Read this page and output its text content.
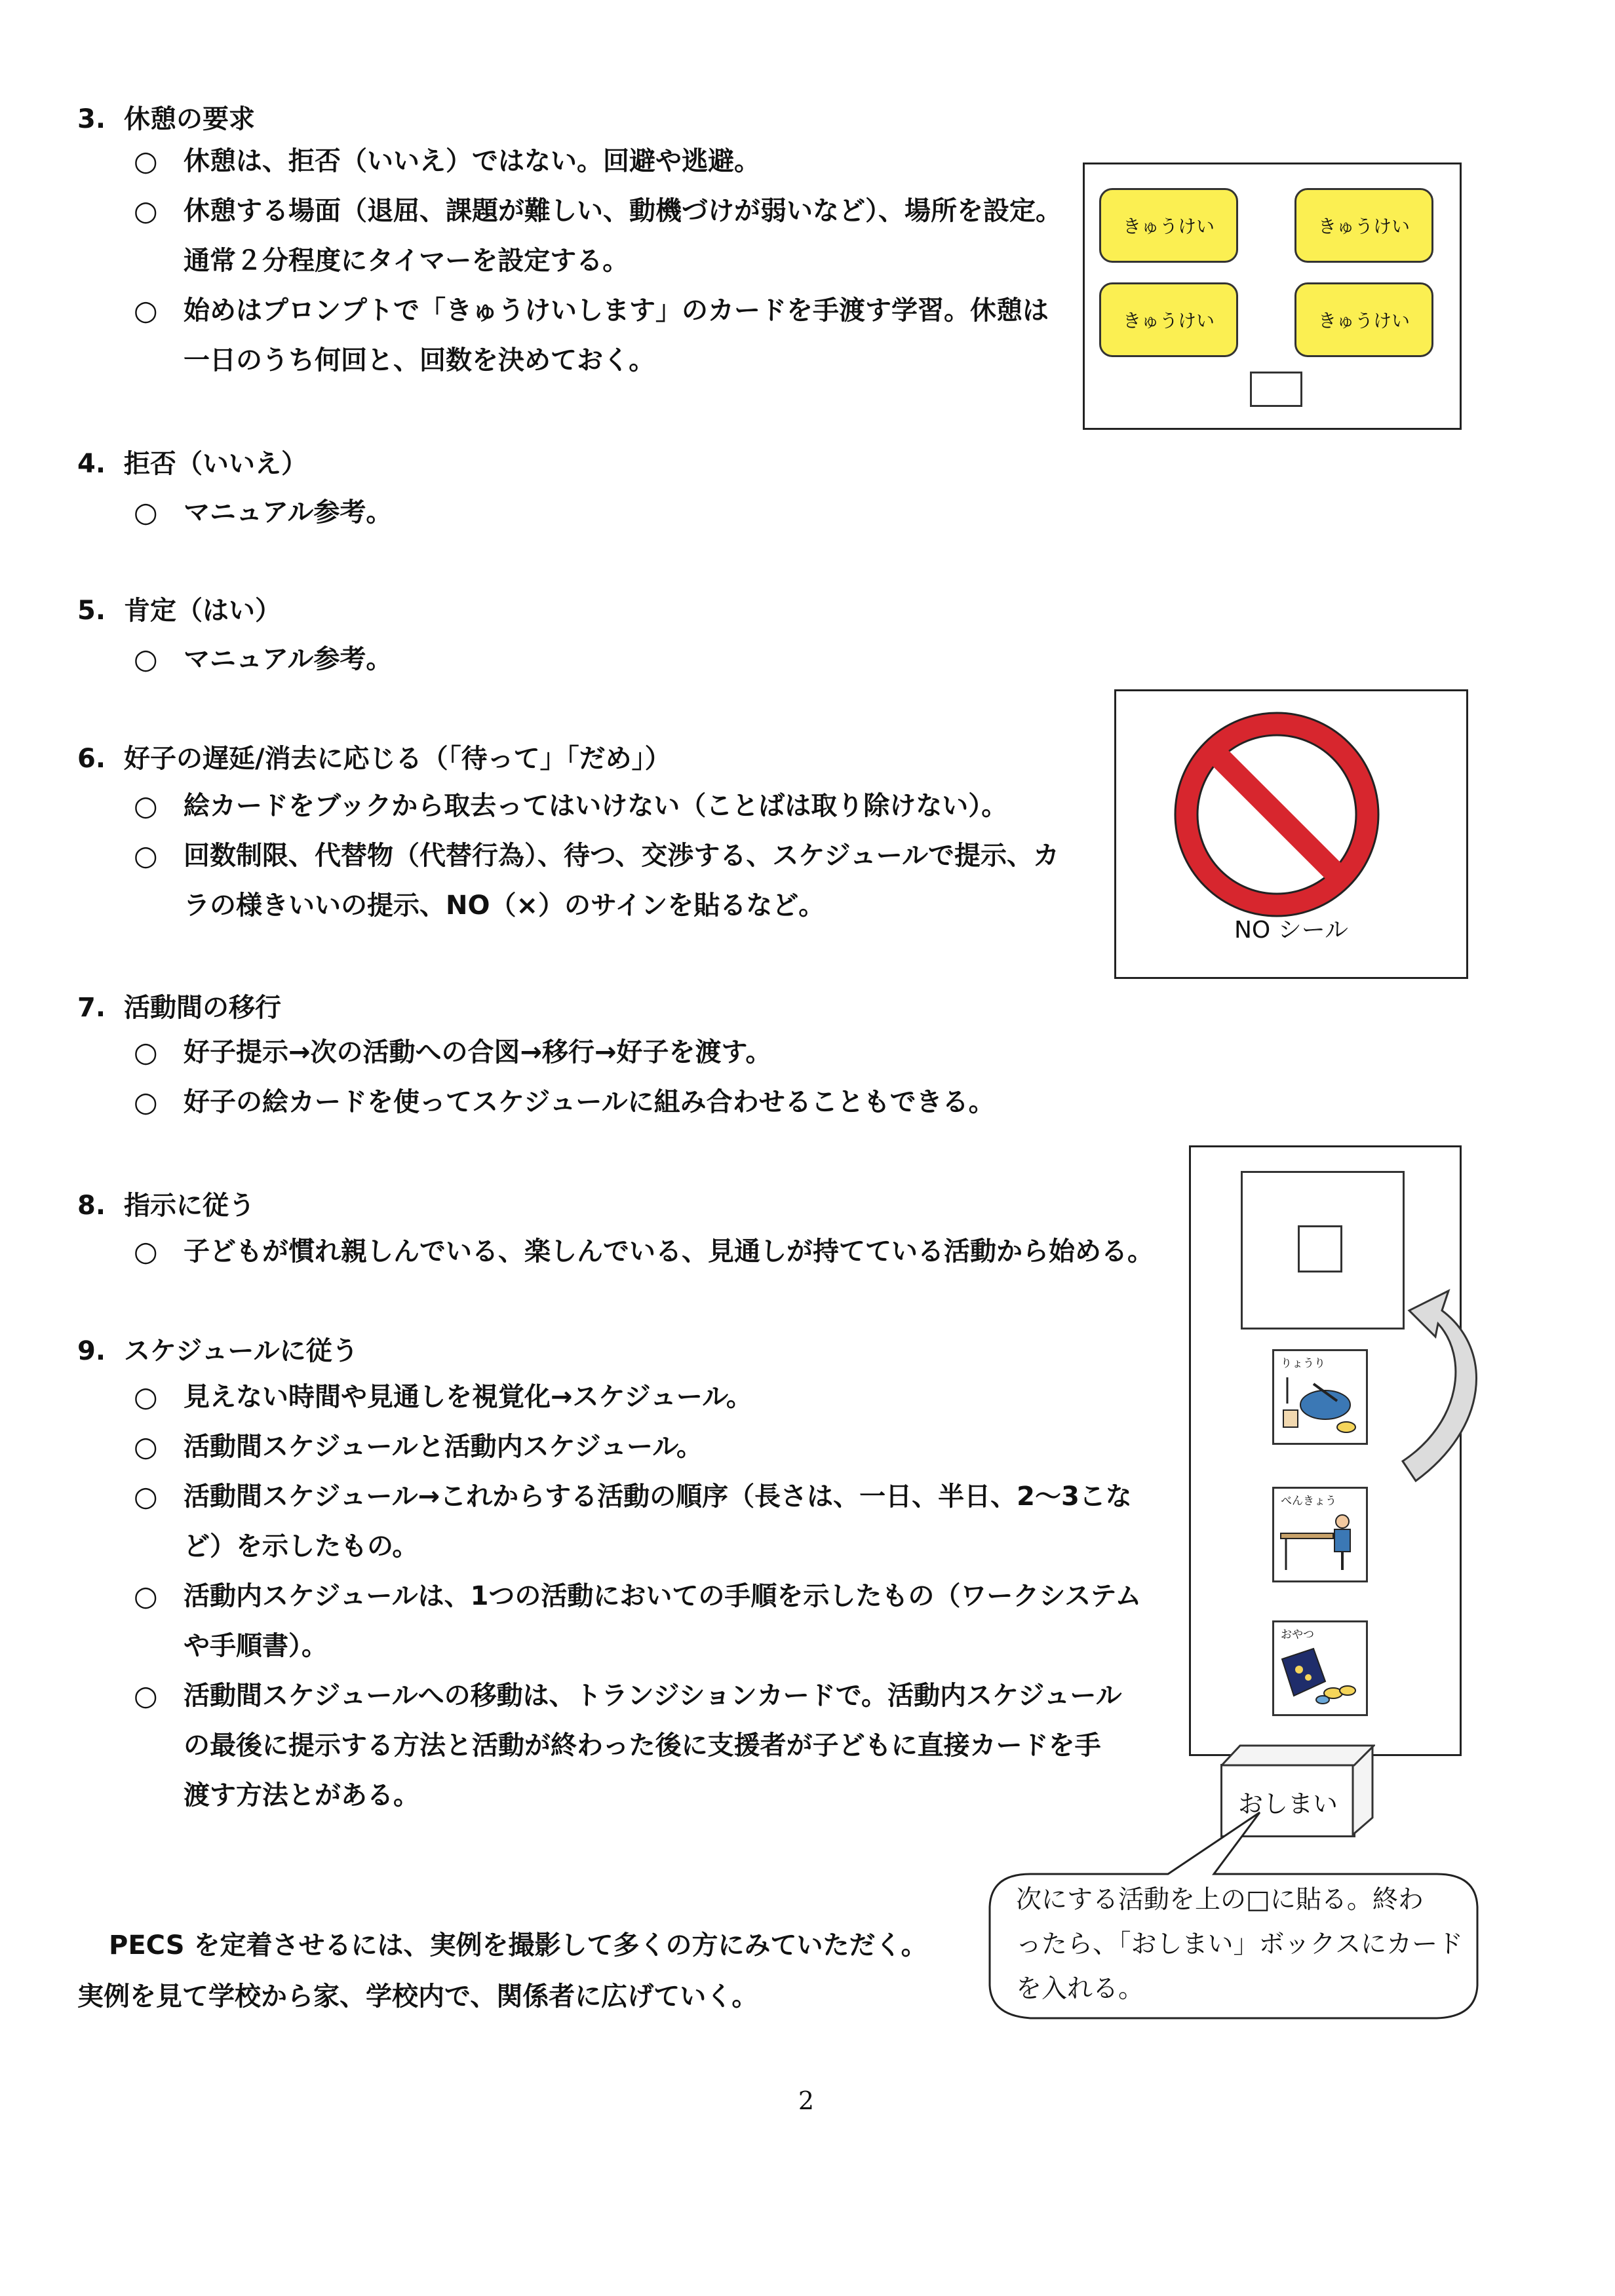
3. 休憩の要求
○ 休憩は、拒否（いいえ）ではない。回避や逃避。
○ 休憩する場面（退屈、課題が難しい、動機づけが弱いなど）、場所を設定。
通常２分程度にタイマーを設定する。
○ 始めはプロンプトで「きゅうけいします」のカードを手渡す学習。休憩は
一日のうち何回と、回数を決めておく。
きゅうけい	きゅうけい
きゅうけい	きゅうけい
4. 拒否（いいえ）
○ マニュアル参考。
5. 肯定（はい）
○ マニュアル参考。
6. 好子の遅延/消去に応じる（「待って」「だめ」）
○ 絵カードをブックから取去ってはいけない（ことばは取り除けない）。
○ 回数制限、代替物（代替行為）、待つ、交渉する、スケジュールで提示、カ
ラの様きいいの提示、NO（×）のサインを貼るなど。
NO シール
7. 活動間の移行
○ 好子提示→次の活動への合図→移行→好子を渡す。
○ 好子の絵カードを使ってスケジュールに組み合わせることもできる。
8. 指示に従う
○ 子どもが慣れ親しんでいる、楽しんでいる、見通しが持てている活動から始める。
9. スケジュールに従う
○ 見えない時間や見通しを視覚化→スケジュール。
○ 活動間スケジュールと活動内スケジュール。
○ 活動間スケジュール→これからする活動の順序（長さは、一日、半日、2～3こな
ど）を示したもの。
○ 活動内スケジュールは、1つの活動においての手順を示したもの（ワークシステム
や手順書）。
○ 活動間スケジュールへの移動は、トランジションカードで。活動内スケジュール
の最後に提示する方法と活動が終わった後に支援者が子どもに直接カードを手
渡す方法とがある。
りょうり
べんきょう
おやつ
おしまい
次にする活動を上の□に貼る。終わ
ったら、「おしまい」ボックスにカード
を入れる。
PECS を定着させるには、実例を撮影して多くの方にみていただく。
実例を見て学校から家、学校内で、関係者に広げていく。
2
